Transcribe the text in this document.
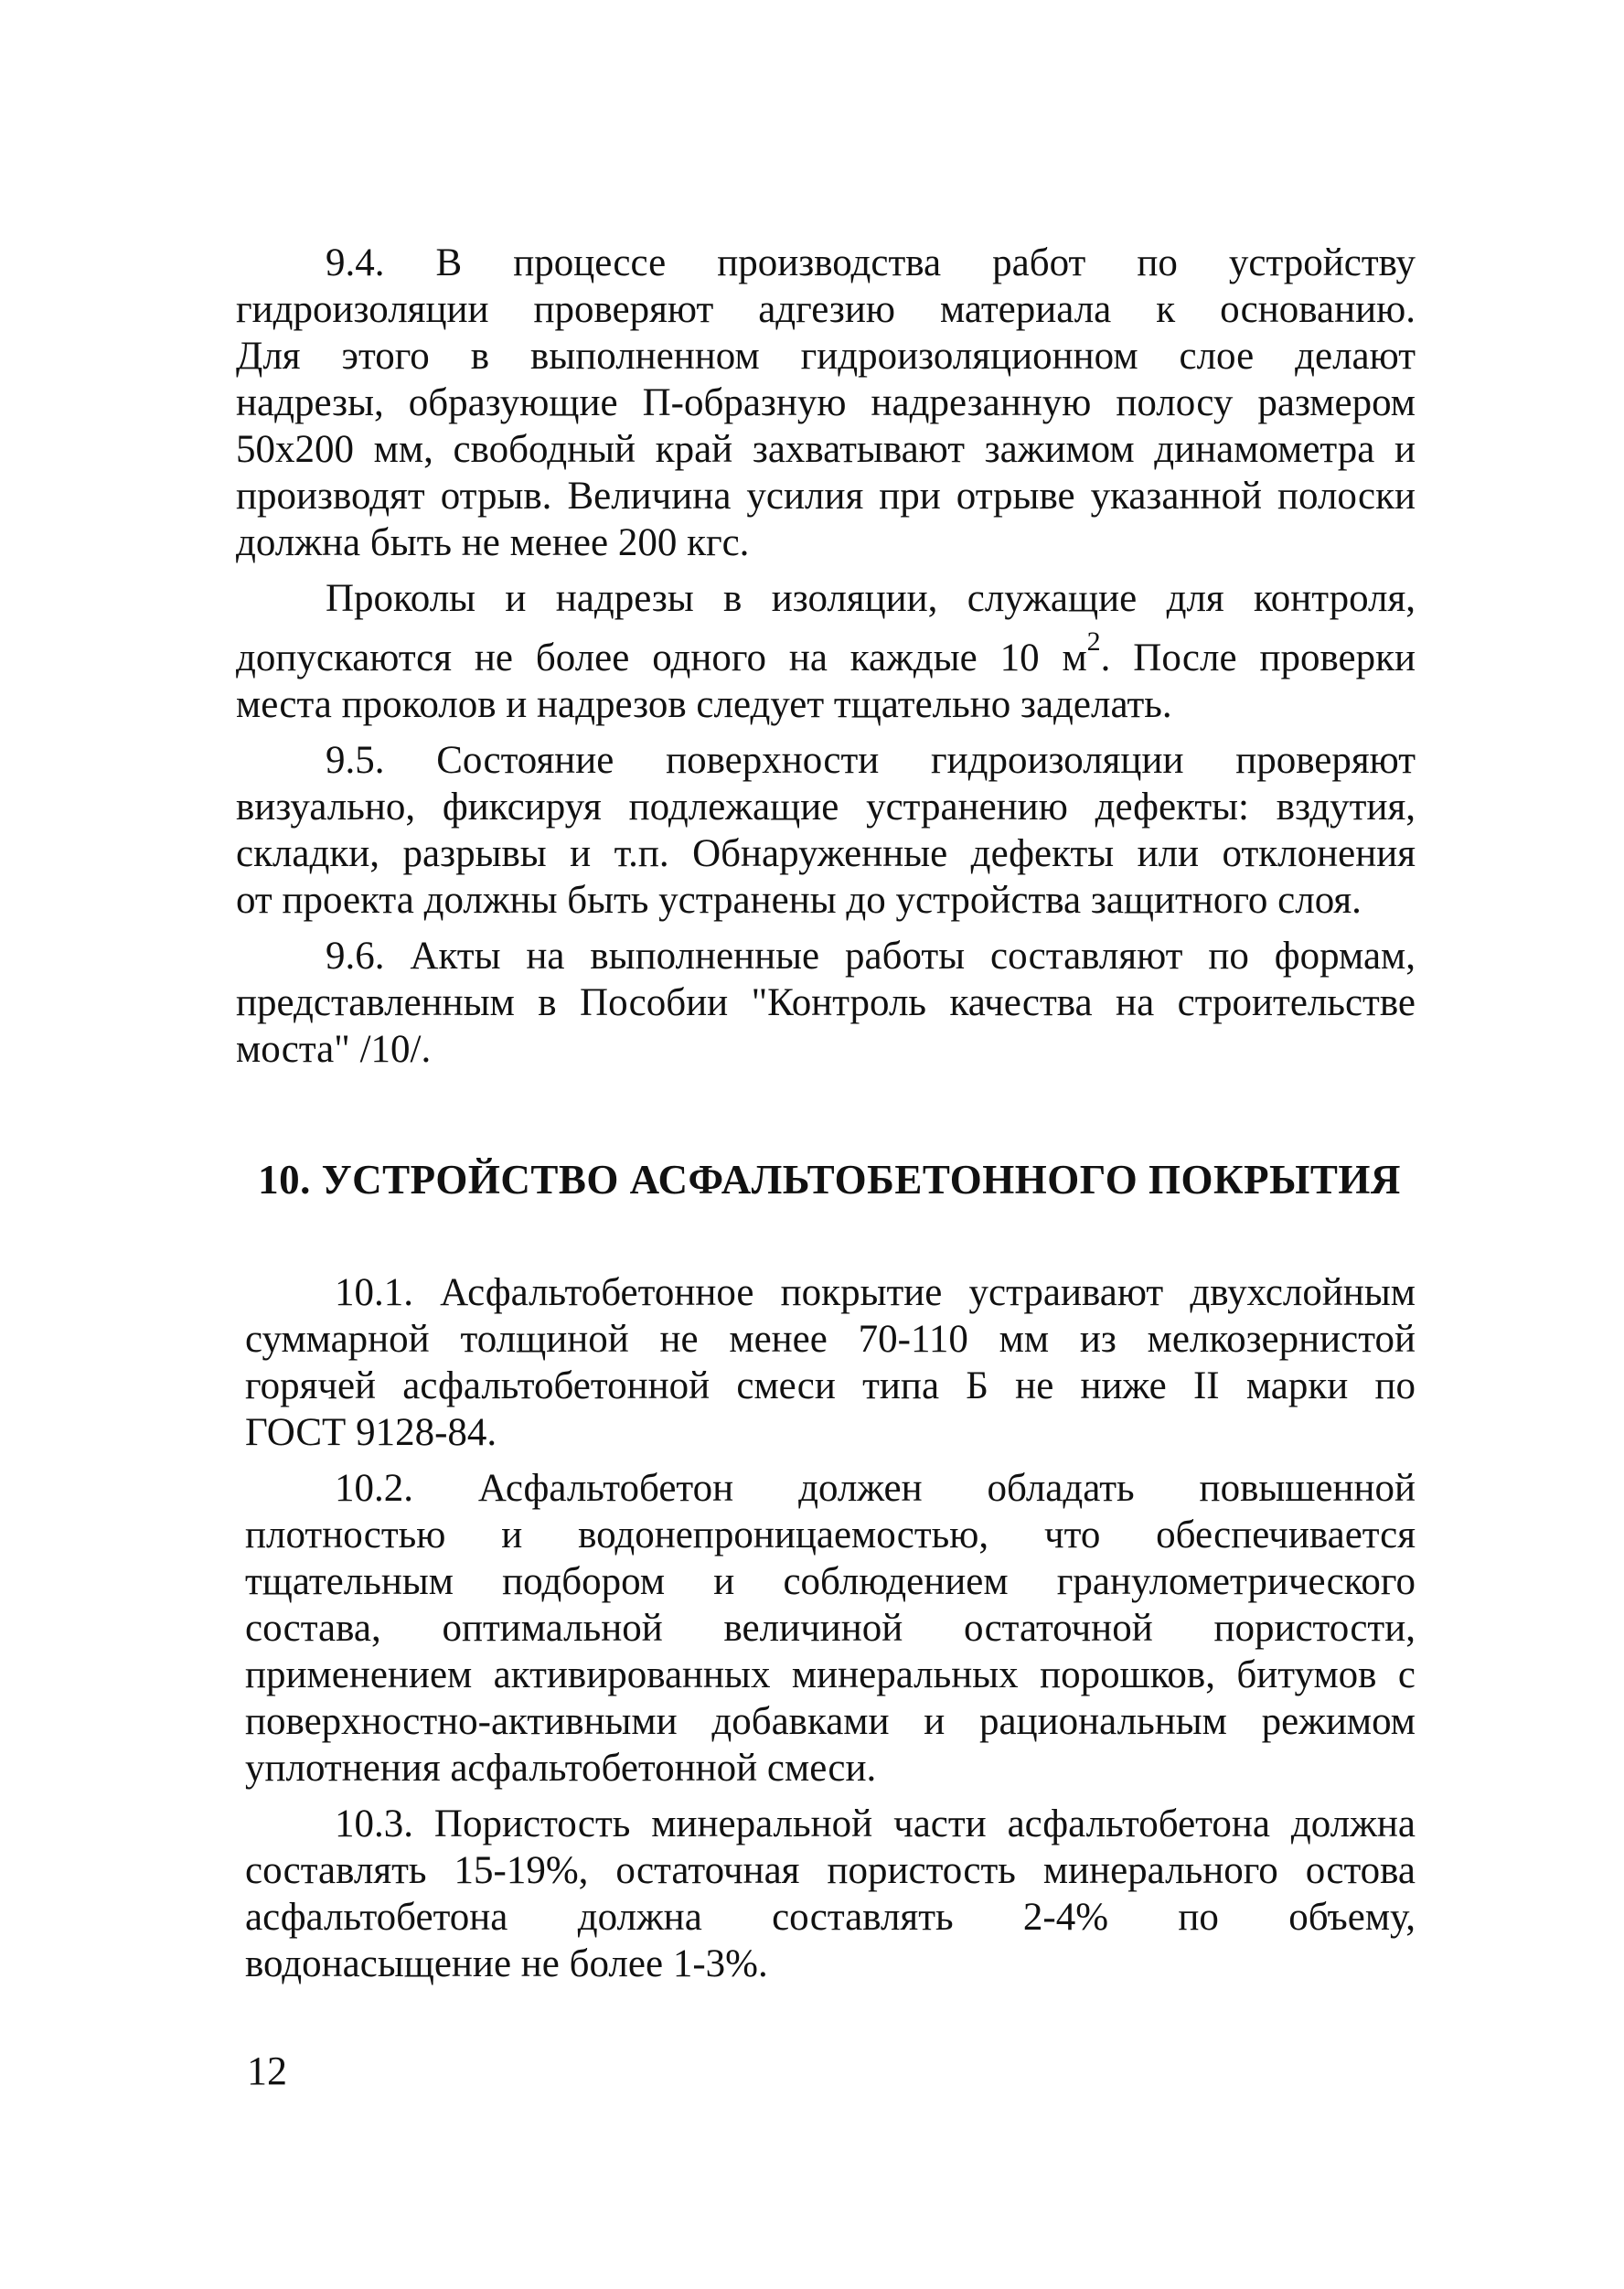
9.4. В процессе производства работ по устройству
гидроизоляции проверяют адгезию материала к основанию.
Для этого в выполненном гидроизоляционном слое делают
надрезы, образующие П-образную надрезанную полосу размером
50x200 мм, свободный край захватывают зажимом динамометра и
производят отрыв. Величина усилия при отрыве указанной полоски
должна быть не менее 200 кгс.

Проколы и надрезы в изоляции, служащие для контроля,
допускаются не более одного на каждые 10 $м^2$. После проверки
места проколов и надрезов следует тщательно заделать.

9.5. Состояние поверхности гидроизоляции проверяют
визуально, фиксируя подлежащие устранению дефекты: вздутия,
складки, разрывы и т.п. Обнаруженные дефекты или отклонения
от проекта должны быть устранены до устройства защитного слоя.

9.6. Акты на выполненные работы составляют по формам,
представленным в Пособии "Контроль качества на строительстве
моста" /10/.

10. УСТРОЙСТВО АСФАЛЬТОБЕТОННОГО ПОКРЫТИЯ

10.1. Асфальтобетонное покрытие устраивают двухслойным
суммарной толщиной не менее 70-110 мм из мелкозернистой
горячей асфальтобетонной смеси типа Б не ниже II марки по
ГОСТ 9128-84.

10.2. Асфальтобетон должен обладать повышенной
плотностью и водонепроницаемостью, что обеспечивается
тщательным подбором и соблюдением гранулометрического
состава, оптимальной величиной остаточной пористости,
применением активированных минеральных порошков, битумов с
поверхностно-активными добавками и рациональным режимом
уплотнения асфальтобетонной смеси.

10.3. Пористость минеральной части асфальтобетона должна
составлять 15-19%, остаточная пористость минерального остова
асфальтобетона должна составлять 2-4% по объему,
водонасыщение не более 1-3%.

12
